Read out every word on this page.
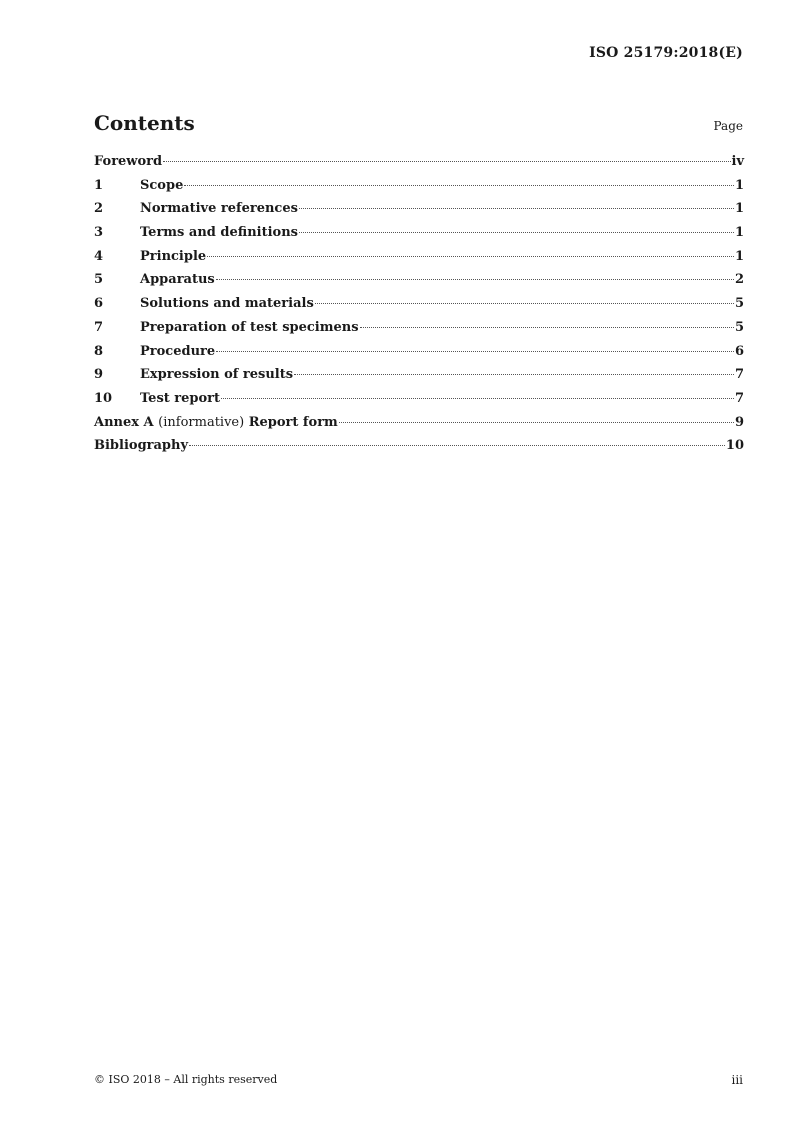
ISO 25179:2018(E)
Contents	Page
Foreword	iv
1	Scope	1
2	Normative references	1
3	Terms and definitions	1
4	Principle	1
5	Apparatus	2
6	Solutions and materials	5
7	Preparation of test specimens	5
8	Procedure	6
9	Expression of results	7
10	Test report	7
Annex A (informative) Report form	9
Bibliography	10
© ISO 2018 – All rights reserved	iii
